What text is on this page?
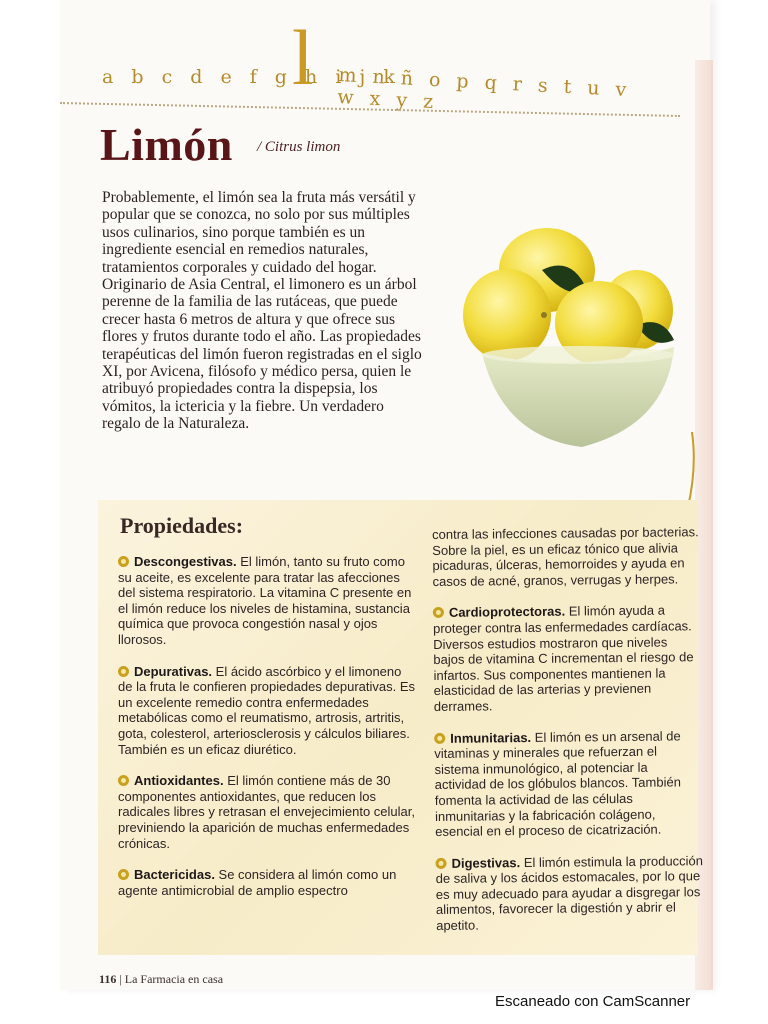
a b c d e f g h i j k
l m n ñ o p q r s t u v w x y z
Limón / Citrus limon

Probablemente, el limón sea la fruta más versátil y popular que se conozca, no solo por sus múltiples usos culinarios, sino porque también es un ingrediente esencial en remedios naturales, tratamientos corporales y cuidado del hogar. Originario de Asia Central, el limonero es un árbol perenne de la familia de las rutáceas, que puede crecer hasta 6 metros de altura y que ofrece sus flores y frutos durante todo el año. Las propiedades terapéuticas del limón fueron registradas en el siglo XI, por Avicena, filósofo y médico persa, quien le atribuyó propiedades contra la dispepsia, los vómitos, la ictericia y la fiebre. Un verdadero regalo de la Naturaleza.

Propiedades:
Descongestivas. El limón, tanto su fruto como su aceite, es excelente para tratar las afecciones del sistema respiratorio. La vitamina C presente en el limón reduce los niveles de histamina, sustancia química que provoca congestión nasal y ojos llorosos.
Depurativas. El ácido ascórbico y el limoneno de la fruta le confieren propiedades depurativas. Es un excelente remedio contra enfermedades metabólicas como el reumatismo, artrosis, artritis, gota, colesterol, arteriosclerosis y cálculos biliares. También es un eficaz diurético.
Antioxidantes. El limón contiene más de 30 componentes antioxidantes, que reducen los radicales libres y retrasan el envejecimiento celular, previniendo la aparición de muchas enfermedades crónicas.
Bactericidas. Se considera al limón como un agente antimicrobial de amplio espectro
contra las infecciones causadas por bacterias. Sobre la piel, es un eficaz tónico que alivia picaduras, úlceras, hemorroides y ayuda en casos de acné, granos, verrugas y herpes.
Cardioprotectoras. El limón ayuda a proteger contra las enfermedades cardíacas. Diversos estudios mostraron que niveles bajos de vitamina C incrementan el riesgo de infartos. Sus componentes mantienen la elasticidad de las arterias y previenen derrames.
Inmunitarias. El limón es un arsenal de vitaminas y minerales que refuerzan el sistema inmunológico, al potenciar la actividad de los glóbulos blancos. También fomenta la actividad de las células inmunitarias y la fabricación colágeno, esencial en el proceso de cicatrización.
Digestivas. El limón estimula la producción de saliva y los ácidos estomacales, por lo que es muy adecuado para ayudar a disgregar los alimentos, favorecer la digestión y abrir el apetito.
116 | La Farmacia en casa
Escaneado con CamScanner
